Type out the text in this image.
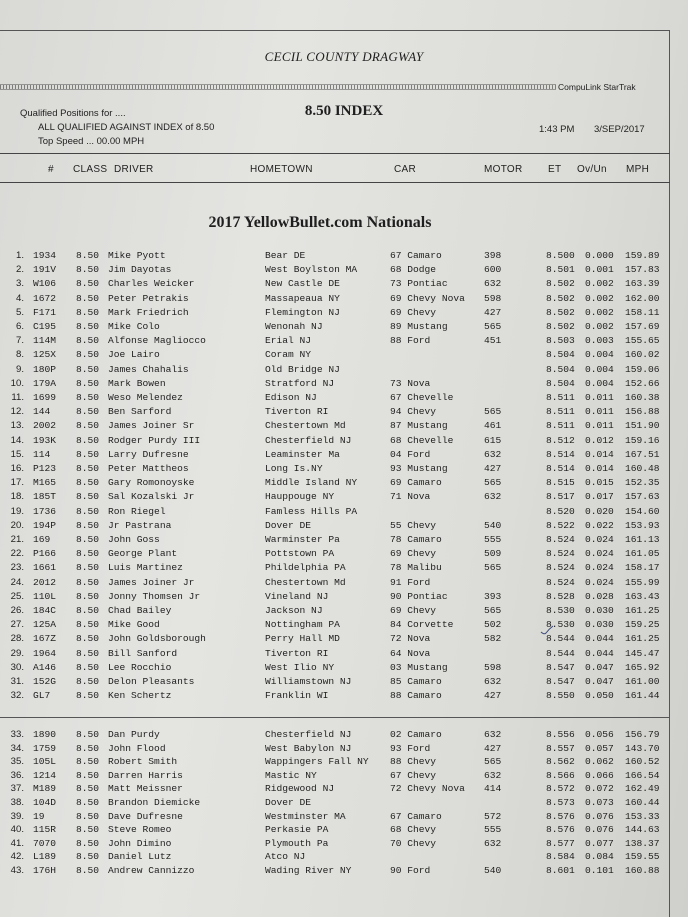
CECIL COUNTY DRAGWAY
CompuLink StarTrak
8.50 INDEX
Qualified Positions for ....
ALL QUALIFIED AGAINST INDEX of 8.50
Top Speed ... 00.00 MPH
1:43 PM 3/SEP/2017
# CLASS DRIVER	HOMETOWN	CAR	MOTOR	ET Ov/Un MPH
2017 YellowBullet.com Nationals
1. 1934 8.50 Mike Pyott	Bear DE	67 Camaro	398	8.500 0.000 159.89
2. 191V 8.50 Jim Dayotas	West Boylston MA	68 Dodge	600	8.501 0.001 157.83
3. W106 8.50 Charles Weicker	New Castle DE	73 Pontiac	632	8.502 0.002 163.39
4. 1672 8.50 Peter Petrakis	Massapeaua NY	69 Chevy Nova 598	8.502 0.002 162.00
5. F171 8.50 Mark Friedrich	Flemington NJ	69 Chevy	427	8.502 0.002 158.11
6. C195 8.50 Mike Colo	Wenonah NJ	89 Mustang	565	8.502 0.002 157.69
7. 114M 8.50 Alfonse Magliocco	Erial NJ	88 Ford	451	8.503 0.003 155.65
8. 125X 8.50 Joe Lairo	Coram NY	8.504 0.004 160.02
9. 180P 8.50 James Chahalis	Old Bridge NJ	8.504 0.004 159.06
10. 179A 8.50 Mark Bowen	Stratford NJ	73 Nova	8.504 0.004 152.66
11. 1699 8.50 Weso Melendez	Edison NJ	67 Chevelle	8.511 0.011 160.38
12. 144	8.50 Ben Sarford	Tiverton RI	94 Chevy	565	8.511 0.011 156.88
13. 2002 8.50 James Joiner Sr	Chestertown Md	87 Mustang	461	8.511 0.011 151.90
14. 193K 8.50 Rodger Purdy III	Chesterfield NJ	68 Chevelle	615	8.512 0.012 159.16
15. 114	8.50 Larry Dufresne	Leaminster Ma	04 Ford	632	8.514 0.014 167.51
16. P123 8.50 Peter Mattheos	Long Is.NY	93 Mustang	427	8.514 0.014 160.48
17. M165 8.50 Gary Romonoyske	Middle Island NY	69 Camaro	565	8.515 0.015 152.35
18. 185T 8.50 Sal Kozalski Jr	Hauppouge NY	71 Nova	632	8.517 0.017 157.63
19. 1736 8.50 Ron Riegel	Famless Hills PA	8.520 0.020 154.60
20. 194P 8.50 Jr Pastrana	Dover DE	55 Chevy	540	8.522 0.022 153.93
21. 169	8.50 John Goss	Warminster Pa	78 Camaro	555	8.524 0.024 161.13
22. P166 8.50 George Plant	Pottstown PA	69 Chevy	509	8.524 0.024 161.05
23. 1661 8.50 Luis Martinez	Phildelphia PA	78 Malibu	565	8.524 0.024 158.17
24. 2012 8.50 James Joiner Jr	Chestertown Md	91 Ford	8.524 0.024 155.99
25. 110L 8.50 Jonny Thomsen Jr	Vineland NJ	90 Pontiac	393	8.528 0.028 163.43
26. 184C 8.50 Chad Bailey	Jackson NJ	69 Chevy	565	8.530 0.030 161.25
27. 125A 8.50 Mike Good	Nottingham PA	84 Corvette	502	8.530 0.030 159.25
28. 167Z 8.50 John Goldsborough	Perry Hall MD	72 Nova	582	8.544 0.044 161.25
29. 1964 8.50 Bill Sanford	Tiverton RI	64 Nova	8.544 0.044 145.47
30. A146 8.50 Lee Rocchio	West Ilio NY	03 Mustang	598	8.547 0.047 165.92
31. 152G 8.50 Delon Pleasants	Williamstown NJ	85 Camaro	632	8.547 0.047 161.00
32. GL7	8.50 Ken Schertz	Franklin WI	88 Camaro	427	8.550 0.050 161.44
33. 1890 8.50 Dan Purdy	Chesterfield NJ	02 Camaro	632	8.556 0.056 156.79
34. 1759 8.50 John Flood	West Babylon NJ	93 Ford	427	8.557 0.057 143.70
35. 105L 8.50 Robert Smith	Wappingers Fall NY 88 Chevy	565	8.562 0.062 160.52
36. 1214 8.50 Darren Harris	Mastic NY	67 Chevy	632	8.566 0.066 166.54
37. M189 8.50 Matt Meissner	Ridgewood NJ	72 Chevy Nova 414	8.572 0.072 162.49
38. 104D 8.50 Brandon Diemicke	Dover DE	8.573 0.073 160.44
39. 19	8.50 Dave Dufresne	Westminster MA	67 Camaro	572	8.576 0.076 153.33
40. 115R 8.50 Steve Romeo	Perkasie PA	68 Chevy	555	8.576 0.076 144.63
41. 7070 8.50 John Dimino	Plymouth Pa	70 Chevy	632	8.577 0.077 138.37
42. L189 8.50 Daniel Lutz	Atco NJ	8.584 0.084 159.55
43. 176H 8.50 Andrew Cannizzo	Wading River NY	90 Ford	540	8.601 0.101 160.88
